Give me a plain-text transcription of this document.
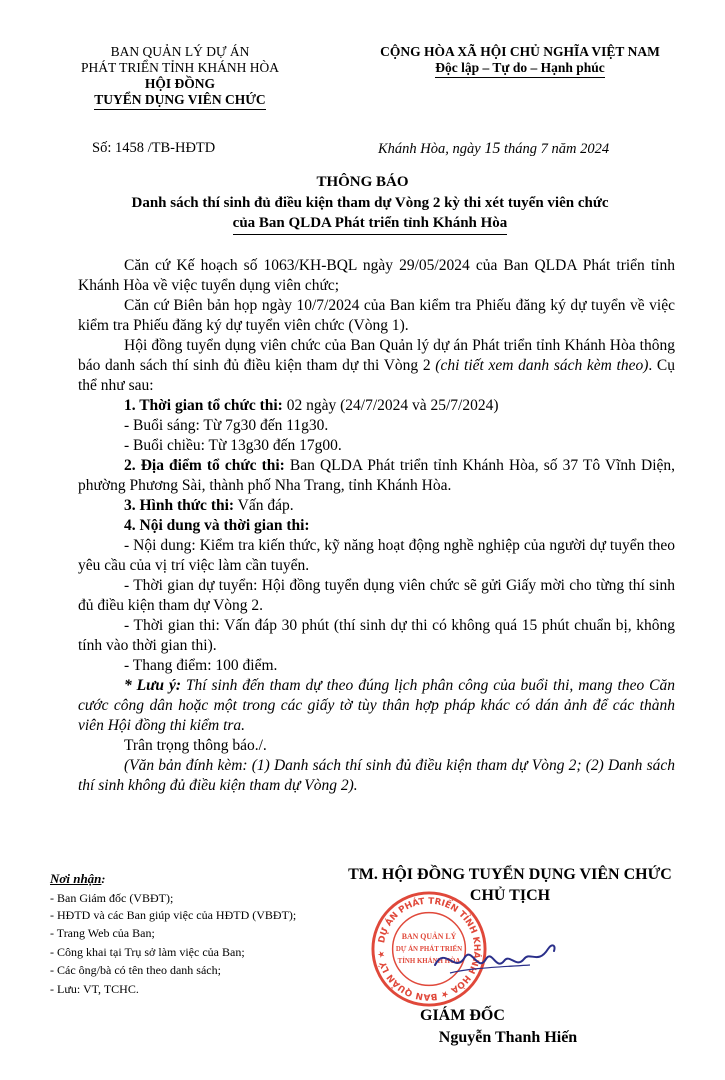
BAN QUẢN LÝ DỰ ÁN
PHÁT TRIỂN TỈNH KHÁNH HÒA
HỘI ĐỒNG
TUYỂN DỤNG VIÊN CHỨC
CỘNG HÒA XÃ HỘI CHỦ NGHĨA VIỆT NAM
Độc lập – Tự do – Hạnh phúc
Số: 1458 /TB-HĐTD	Khánh Hòa, ngày 15 tháng 7 năm 2024
THÔNG BÁO
Danh sách thí sinh đủ điều kiện tham dự Vòng 2 kỳ thi xét tuyển viên chức
của Ban QLDA Phát triển tỉnh Khánh Hòa

Căn cứ Kế hoạch số 1063/KH-BQL ngày 29/05/2024 của Ban QLDA Phát triển tỉnh Khánh Hòa về việc tuyển dụng viên chức;

Căn cứ Biên bản họp ngày 10/7/2024 của Ban kiểm tra Phiếu đăng ký dự tuyển về việc kiểm tra Phiếu đăng ký dự tuyển viên chức (Vòng 1).

Hội đồng tuyển dụng viên chức của Ban Quản lý dự án Phát triển tỉnh Khánh Hòa thông báo danh sách thí sinh đủ điều kiện tham dự thi Vòng 2 (chi tiết xem danh sách kèm theo). Cụ thể như sau:

1. Thời gian tổ chức thi: 02 ngày (24/7/2024 và 25/7/2024)

- Buổi sáng: Từ 7g30 đến 11g30.

- Buổi chiều: Từ 13g30 đến 17g00.

2. Địa điểm tổ chức thi: Ban QLDA Phát triển tỉnh Khánh Hòa, số 37 Tô Vĩnh Diện, phường Phương Sài, thành phố Nha Trang, tỉnh Khánh Hòa.

3. Hình thức thi: Vấn đáp.

4. Nội dung và thời gian thi:

- Nội dung: Kiểm tra kiến thức, kỹ năng hoạt động nghề nghiệp của người dự tuyển theo yêu cầu của vị trí việc làm cần tuyển.

- Thời gian dự tuyển: Hội đồng tuyển dụng viên chức sẽ gửi Giấy mời cho từng thí sinh đủ điều kiện tham dự Vòng 2.

- Thời gian thi: Vấn đáp 30 phút (thí sinh dự thi có không quá 15 phút chuẩn bị, không tính vào thời gian thi).

- Thang điểm: 100 điểm.

* Lưu ý: Thí sinh đến tham dự theo đúng lịch phân công của buổi thi, mang theo Căn cước công dân hoặc một trong các giấy tờ tùy thân hợp pháp khác có dán ảnh để các thành viên Hội đồng thi kiểm tra.

Trân trọng thông báo./.

(Văn bản đính kèm: (1) Danh sách thí sinh đủ điều kiện tham dự Vòng 2; (2) Danh sách thí sinh không đủ điều kiện tham dự Vòng 2).

Nơi nhận:
- Ban Giám đốc (VBĐT);
- HĐTD và các Ban giúp việc của HĐTD (VBĐT);
- Trang Web của Ban;
- Công khai tại Trụ sở làm việc của Ban;
- Các ông/bà có tên theo danh sách;
- Lưu: VT, TCHC.
TM. HỘI ĐỒNG TUYỂN DỤNG VIÊN CHỨC
CHỦ TỊCH
DỰ ÁN PHÁT TRIỂN TỈNH KHÁNH HÒA ★ BAN QUẢN LÝ ★
BAN QUẢN LÝ
DỰ ÁN PHÁT TRIỂN
TỈNH KHÁNH HÒA
GIÁM ĐỐC
Nguyễn Thanh Hiến
